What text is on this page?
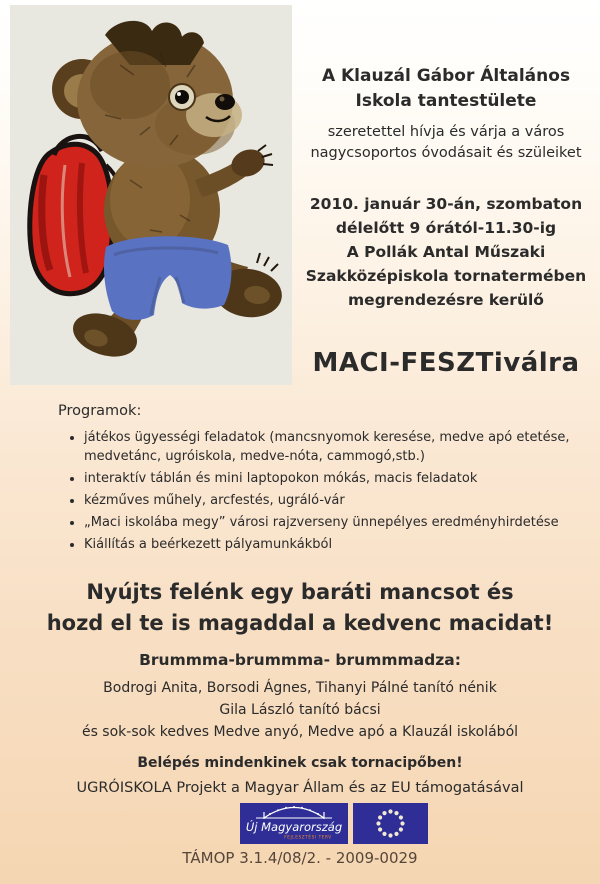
A Klauzál Gábor Általános
Iskola tantestülete
szeretettel hívja és várja a város
nagycsoportos óvodásait és szüleiket
2010. január 30-án, szombaton
délelőtt 9 órától-11.30-ig
A Pollák Antal Műszaki
Szakközépiskola tornatermében
megrendezésre kerülő
MACI-FESZTiválra
Programok:
• játékos ügyességi feladatok (mancsnyomok keresése, medve apó etetése, medvetánc, ugróiskola, medve-nóta, cammogó,stb.)
• interaktív táblán és mini laptopokon mókás, macis feladatok
• kézműves műhely, arcfestés, ugráló-vár
• „Maci iskolába megy” városi rajzverseny ünnepélyes eredményhirdetése
• Kiállítás a beérkezett pályamunkákból
Nyújts felénk egy baráti mancsot és
hozd el te is magaddal a kedvenc macidat!
Brummma-brummma- brummmadza:
Bodrogi Anita, Borsodi Ágnes, Tihanyi Pálné tanító nénik
Gila László tanító bácsi
és sok-sok kedves Medve anyó, Medve apó a Klauzál iskolából
Belépés mindenkinek csak tornacipőben!
UGRÓISKOLA Projekt a Magyar Állam és az EU támogatásával
Új Magyarország
FEJLESZTÉSI TERV
TÁMOP 3.1.4/08/2. - 2009-0029
